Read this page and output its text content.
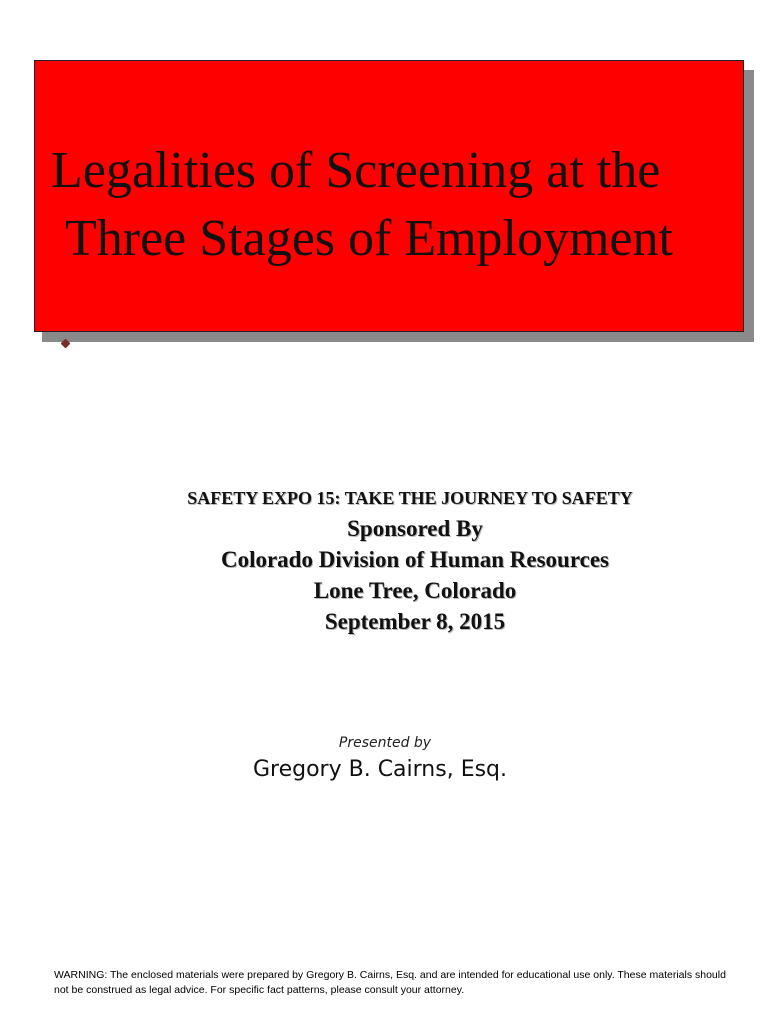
Legalities of Screening at the
Three Stages of Employment
SAFETY EXPO 15: TAKE THE JOURNEY TO SAFETY
Sponsored By
Colorado Division of Human Resources
Lone Tree, Colorado
September 8, 2015
Presented by
Gregory B. Cairns, Esq.
WARNING: The enclosed materials were prepared by Gregory B. Cairns, Esq. and are intended for educational use only. These materials should not be construed as legal advice. For specific fact patterns, please consult your attorney.
